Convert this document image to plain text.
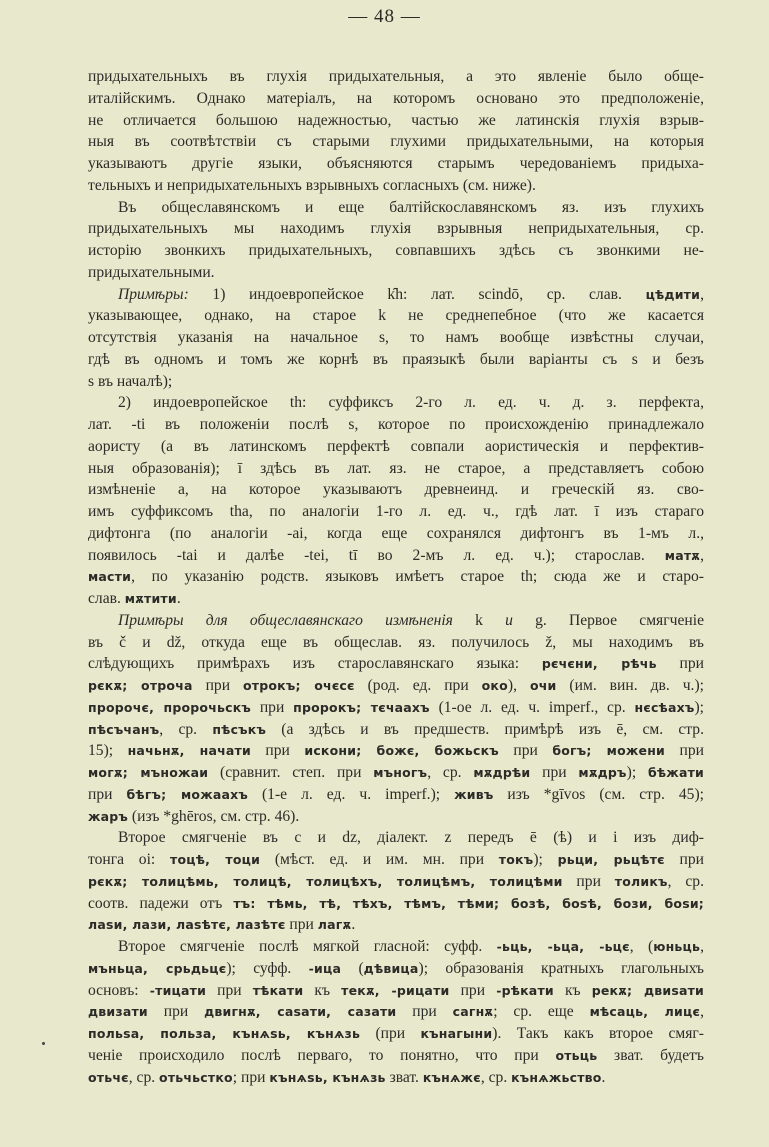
— 48 —
придыхательныхъ въ глухія придыхательныя, а это явленіе было обще-
италійскимъ. Однако матеріалъ, на которомъ основано это предположеніе,
не отличается большою надежностью, частью же латинскія глухія взрыв-
ныя въ соотвѣтствіи съ старыми глухими придыхательными, на которыя
указываютъ другіе языки, объясняются старымъ чередованіемъ придыха-
тельныхъ и непридыхательныхъ взрывныхъ согласныхъ (см. ниже).
Въ общеславянскомъ и еще балтійскославянскомъ яз. изъ глухихъ
придыхательныхъ мы находимъ глухія взрывныя непридыхательныя, ср.
исторію звонкихъ придыхательныхъ, совпавшихъ здѣсь съ звонкими не-
придыхательными.
Примѣры: 1) индоевропейское k̑h: лат. scindō, ср. слав. цѣдити,
указывающее, однако, на старое k не среднепебное (что же касается
отсутствія указанія на начальное s, то намъ вообще извѣстны случаи,
гдѣ въ одномъ и томъ же корнѣ въ праязыкѣ были варіанты съ s и безъ
s въ началѣ);
2) индоевропейское th: суффиксъ 2-го л. ед. ч. д. з. перфекта,
лат. -ti въ положеніи послѣ s, которое по происхожденію принадлежало
аористу (а въ латинскомъ перфектѣ совпали аористическія и перфектив-
ныя образованія); ī здѣсь въ лат. яз. не старое, а представляетъ собою
измѣненіе a, на которое указываютъ древнеинд. и греческій яз. сво-
имъ суффиксомъ tha, по аналогіи 1-го л. ед. ч., гдѣ лат. ī изъ стараго
дифтонга (по аналогіи -ai, когда еще сохранялся дифтонгъ въ 1-мъ л.,
появилось -tai и далѣе -tei, tī во 2-мъ л. ед. ч.); старослав. матѫ,
масти, по указанію родств. языковъ имѣетъ старое th; сюда же и старо-
слав. мѫтити.
Примѣры для общеславянскаго измѣненія k и g. Первое смягченіе
въ č и dž, откуда еще въ общеслав. яз. получилось ž, мы находимъ въ
слѣдующихъ примѣрахъ изъ старославянскаго языка: рєчєни, рѣчь при
рєкѫ; отроча при отрокъ; очєсє (род. ед. при око), очи (им. вин. дв. ч.);
пророчє, пророчьскъ при пророкъ; тєчаахъ (1-ое л. ед. ч. imperf., ср. нєсѣахъ);
пѣсъчанъ, ср. пѣсъкъ (а здѣсь и въ предшеств. примѣрѣ изъ ē, см. стр.
15); начьнѫ, начати при искони; божє, божьскъ при богъ; можени при
могѫ; мъножаи (сравнит. степ. при мъногъ, ср. мѫдрѣи при мѫдръ); бѣжати
при бѣгъ; можаахъ (1-е л. ед. ч. imperf.); живъ изъ *gīvos (см. стр. 45);
жаръ (изъ *ghēros, см. стр. 46).
Второе смягченіе въ c и dz, діалект. z передъ ē (ѣ) и i изъ диф-
тонга oi: тоцѣ, тоци (мѣст. ед. и им. мн. при токъ); рьци, рьцѣтє при
рєкѫ; толицѣмь, толицѣ, толицѣхъ, толицѣмъ, толицѣми при толикъ, ср.
соотв. падежи отъ тъ: тѣмь, тѣ, тѣхъ, тѣмъ, тѣми; бозѣ, боѕѣ, бози, боѕи;
лаѕи, лази, лаѕѣтє, лазѣтє при лагѫ.
Второе смягченіе послѣ мягкой гласной: суфф. -ьць, -ьца, -ьцє, (юньць,
мъньца, срьдьцє); суфф. -ица (дѣвица); образованія кратныхъ глагольныхъ
основъ: -тицати при тѣкати къ текѫ, -рицати при -рѣкати къ рекѫ; двиѕати
двизати при двигнѫ, саѕати, сазати при сагнѫ; ср. еще мѣсаць, лицє,
польѕа, польза, кънѧѕь, кънѧзь (при кънагыни). Такъ какъ второе смяг-
ченіе происходило послѣ перваго, то понятно, что при отьць зват. будетъ
отьчє, ср. отьчьстко; при кънѧѕь, кънѧзь зват. кънѧжє, ср. кънѧжьство.
